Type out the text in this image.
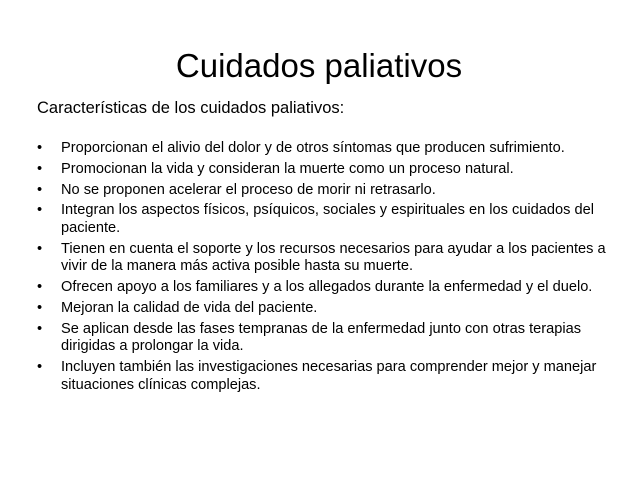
Cuidados paliativos
Características de los cuidados paliativos:
• Proporcionan el alivio del dolor y de otros síntomas que producen sufrimiento.
• Promocionan la vida y consideran la muerte como un proceso natural.
• No se proponen acelerar el proceso de morir ni retrasarlo.
• Integran los aspectos físicos, psíquicos, sociales y espirituales en los cuidados del paciente.
• Tienen en cuenta el soporte y los recursos necesarios para ayudar a los pacientes a vivir de la manera más activa posible hasta su muerte.
• Ofrecen apoyo a los familiares y a los allegados durante la enfermedad y el duelo.
• Mejoran la calidad de vida del paciente.
• Se aplican desde las fases tempranas de la enfermedad junto con otras terapias dirigidas a prolongar la vida.
• Incluyen también las investigaciones necesarias para comprender mejor y manejar situaciones clínicas complejas.
